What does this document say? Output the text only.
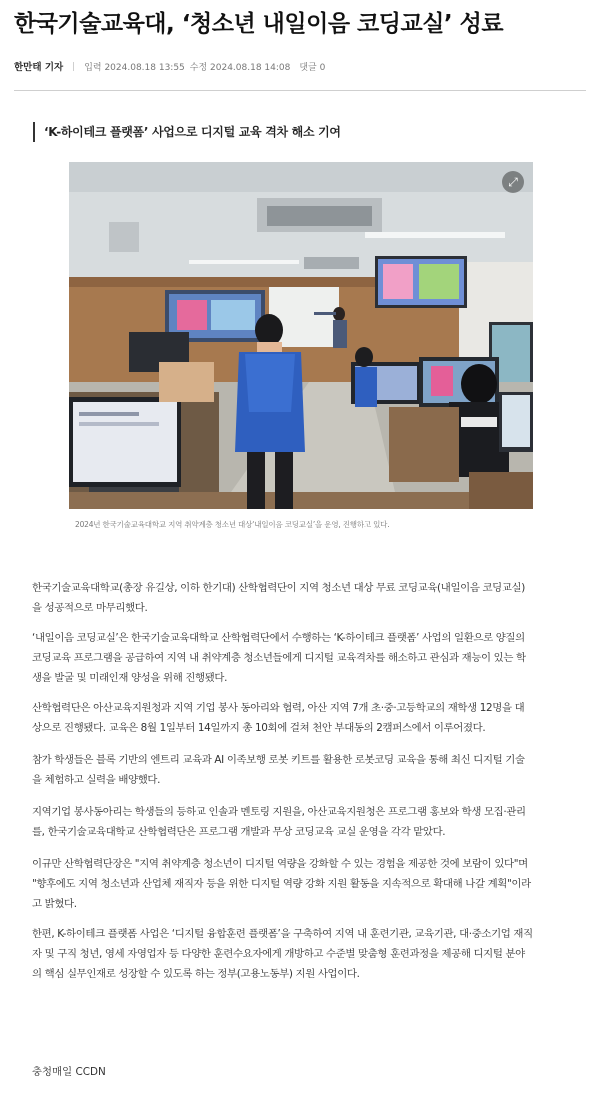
한국기술교육대, ‘청소년 내일이음 코딩교실’ 성료
한만태 기자 입력 2024.08.18 13:55 수정 2024.08.18 14:08 댓글 0
‘K-하이테크 플랫폼’ 사업으로 디지털 교육 격차 해소 기여
⤢

2024년 한국기술교육대학교 지역 취약계층 청소년 대상‘내일이음 코딩교실’을 운영, 진행하고 있다.

한국기술교육대학교(총장 유길상, 이하 한기대) 산학협력단이 지역 청소년 대상 무료 코딩교육(내일이음 코딩교실)
을 성공적으로 마무리했다.
‘내일이음 코딩교실’은 한국기술교육대학교 산학협력단에서 수행하는 ‘K-하이테크 플랫폼’ 사업의 일환으로 양질의
코딩교육 프로그램을 공급하여 지역 내 취약계층 청소년들에게 디지털 교육격차를 해소하고 관심과 재능이 있는 학
생을 발굴 및 미래인재 양성을 위해 진행됐다.
산학협력단은 아산교육지원청과 지역 기업 봉사 동아리와 협력, 아산 지역 7개 초·중·고등학교의 재학생 12명을 대
상으로 진행됐다. 교육은 8월 1일부터 14일까지 총 10회에 걸쳐 천안 부대동의 2캠퍼스에서 이루어졌다.
참가 학생들은 블록 기반의 엔트리 교육과 AI 이족보행 로봇 키트를 활용한 로봇코딩 교육을 통해 최신 디지털 기술
을 체험하고 실력을 배양했다.
지역기업 봉사동아리는 학생들의 등하교 인솔과 멘토링 지원을, 아산교육지원청은 프로그램 홍보와 학생 모집·관리
를, 한국기술교육대학교 산학협력단은 프로그램 개발과 무상 코딩교육 교실 운영을 각각 맡았다.
이규만 산학협력단장은 "지역 취약계층 청소년이 디지털 역량을 강화할 수 있는 경험을 제공한 것에 보람이 있다"며
"향후에도 지역 청소년과 산업체 재직자 등을 위한 디지털 역량 강화 지원 활동을 지속적으로 확대해 나갈 계획"이라
고 밝혔다.
한편, K-하이테크 플랫폼 사업은 ‘디지털 융합훈련 플랫폼’을 구축하여 지역 내 훈련기관, 교육기관, 대·중소기업 재직
자 및 구직 청년, 영세 자영업자 등 다양한 훈련수요자에게 개방하고 수준별 맞춤형 훈련과정을 제공해 디지털 분야
의 핵심 실무인재로 성장할 수 있도록 하는 정부(고용노동부) 지원 사업이다.
충청매일 CCDN
